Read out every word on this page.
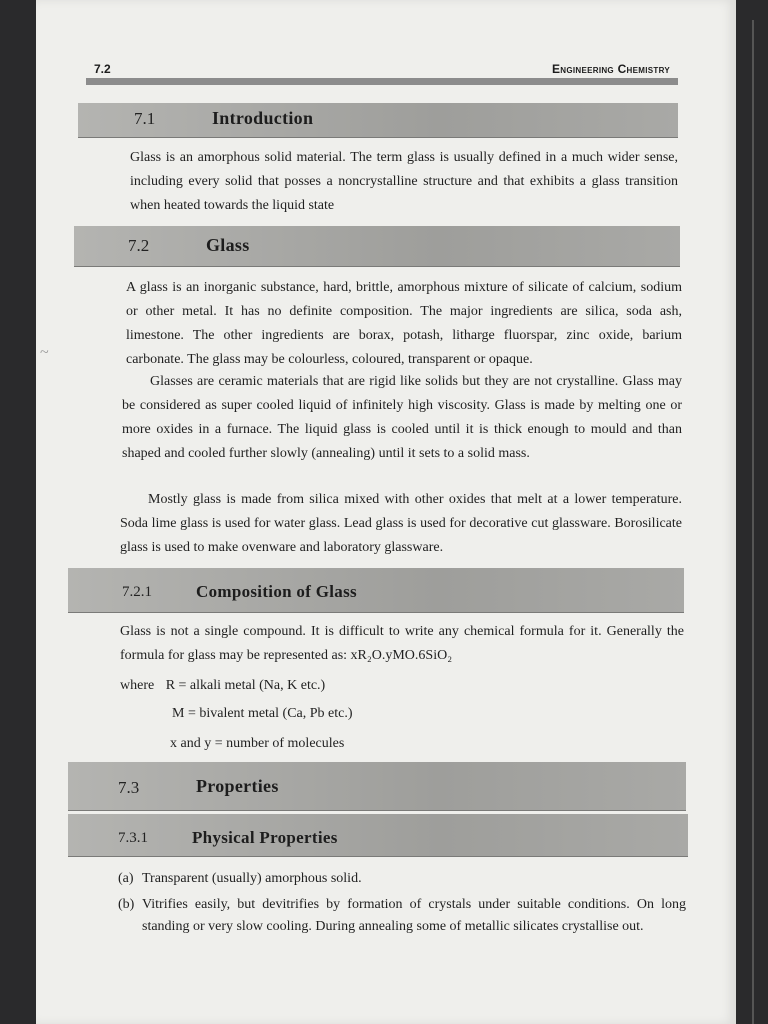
~
7.2	Engineering Chemistry
7.1	Introduction

Glass is an amorphous solid material. The term glass is usually defined in a much wider sense, including every solid that posses a noncrystalline structure and that exhibits a glass transition when heated towards the liquid state

7.2	Glass

A glass is an inorganic substance, hard, brittle, amorphous mixture of silicate of calcium, sodium or other metal. It has no definite composition. The major ingredients are silica, soda ash, limestone. The other ingredients are borax, potash, litharge fluorspar, zinc oxide, barium carbonate. The glass may be colourless, coloured, transparent or opaque.

Glasses are ceramic materials that are rigid like solids but they are not crystalline. Glass may be considered as super cooled liquid of infinitely high viscosity. Glass is made by melting one or more oxides in a furnace. The liquid glass is cooled until it is thick enough to mould and than shaped and cooled further slowly (annealing) until it sets to a solid mass.

Mostly glass is made from silica mixed with other oxides that melt at a lower temperature. Soda lime glass is used for water glass. Lead glass is used for decorative cut glassware. Borosilicate glass is used to make ovenware and laboratory glassware.

7.2.1	Composition of Glass

Glass is not a single compound. It is difficult to write any chemical formula for it. Generally the formula for glass may be represented as: xR₂O.yMO.6SiO₂

where R = alkali metal (Na, K etc.)
M = bivalent metal (Ca, Pb etc.)
x and y = number of molecules
7.3	Properties
7.3.1	Physical Properties
(a) Transparent (usually) amorphous solid.
(b) Vitrifies easily, but devitrifies by formation of crystals under suitable conditions. On long standing or very slow cooling. During annealing some of metallic silicates crystallise out.
